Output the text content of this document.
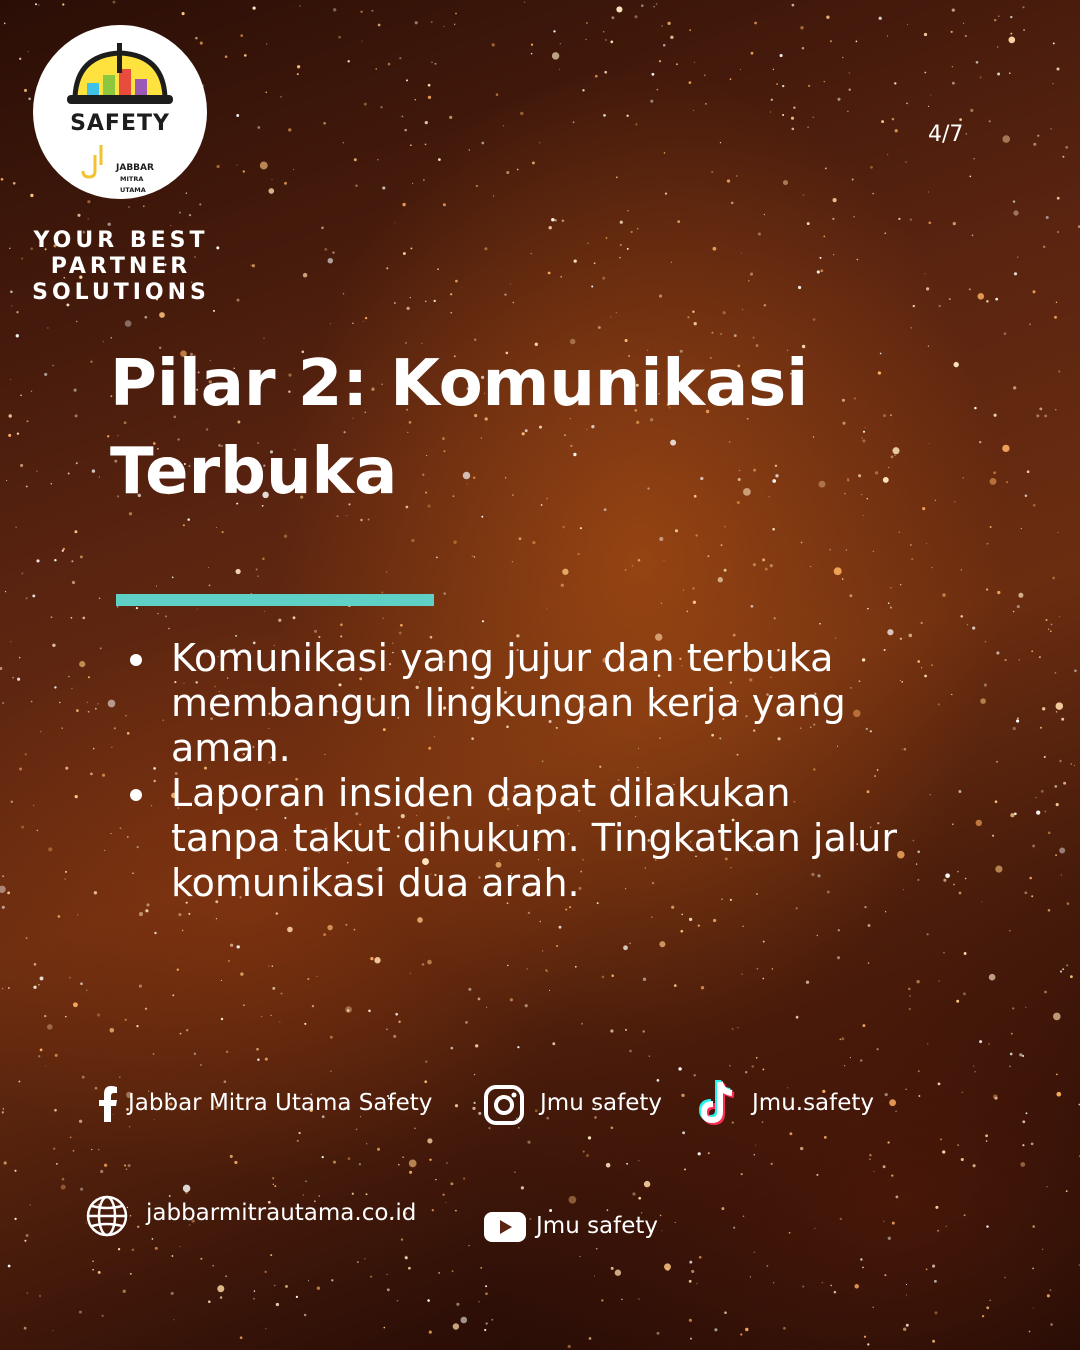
SAFETY
JABBAR
MITRA
UTAMA
YOUR BEST
PARTNER
SOLUTIONS
4/7
Pilar 2: Komunikasi
Terbuka
Komunikasi yang jujur dan terbuka
membangun lingkungan kerja yang
aman.
Laporan insiden dapat dilakukan
tanpa takut dihukum. Tingkatkan jalur
komunikasi dua arah.
Jabbar Mitra Utama Safety	Jmu safety	Jmu.safety
jabbarmitrautama.co.id	Jmu safety
